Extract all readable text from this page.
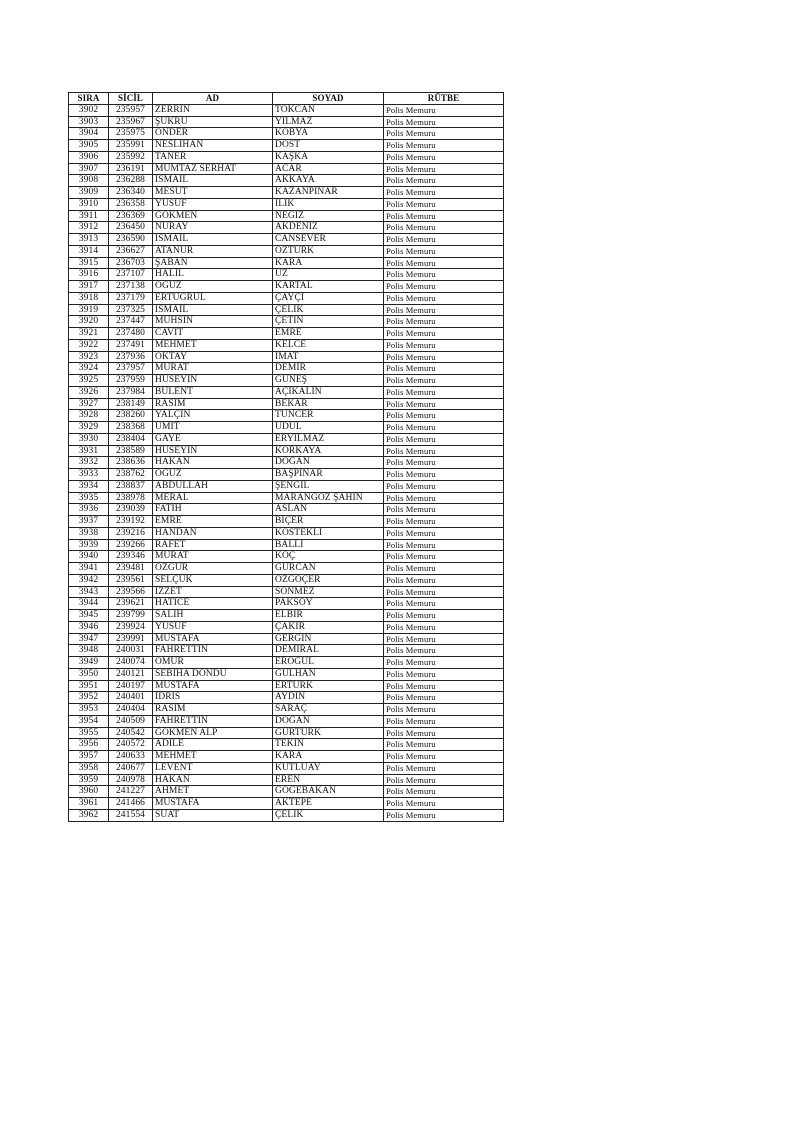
SIRA	SİCİL	AD	SOYAD	RÜTBE
3902	235957	ZERRİN	TOKCAN	Polis Memuru
3903	235967	ŞÜKRÜ	YILMAZ	Polis Memuru
3904	235975	ÖNDER	KOBYA	Polis Memuru
3905	235991	NESLİHAN	DOST	Polis Memuru
3906	235992	TANER	KAŞKA	Polis Memuru
3907	236191	MÜMTAZ SERHAT	ACAR	Polis Memuru
3908	236288	İSMAİL	AKKAYA	Polis Memuru
3909	236340	MESUT	KAZANPINAR	Polis Memuru
3910	236358	YUSUF	İLİK	Polis Memuru
3911	236369	GÖKMEN	NEGİZ	Polis Memuru
3912	236450	NURAY	AKDENİZ	Polis Memuru
3913	236590	İSMAİL	CANSEVER	Polis Memuru
3914	236627	ATANUR	ÖZTÜRK	Polis Memuru
3915	236703	ŞABAN	KARA	Polis Memuru
3916	237107	HALİL	UZ	Polis Memuru
3917	237138	OĞUZ	KARTAL	Polis Memuru
3918	237179	ERTUĞRUL	ÇAYÇI	Polis Memuru
3919	237325	İSMAİL	ÇELİK	Polis Memuru
3920	237447	MUHSİN	ÇETİN	Polis Memuru
3921	237480	CAVİT	EMRE	Polis Memuru
3922	237491	MEHMET	KELCE	Polis Memuru
3923	237936	OKTAY	İMAT	Polis Memuru
3924	237957	MURAT	DEMİR	Polis Memuru
3925	237959	HÜSEYİN	GÜNEŞ	Polis Memuru
3926	237984	BÜLENT	AÇIKALIN	Polis Memuru
3927	238149	RASİM	BEKAR	Polis Memuru
3928	238260	YALÇIN	TUNCER	Polis Memuru
3929	238368	ÜMİT	ÜDÜL	Polis Memuru
3930	238404	GAYE	ERYILMAZ	Polis Memuru
3931	238589	HÜSEYİN	KÖRKAYA	Polis Memuru
3932	238636	HAKAN	DOĞAN	Polis Memuru
3933	238762	OĞUZ	BAŞPINAR	Polis Memuru
3934	238837	ABDULLAH	ŞENGİL	Polis Memuru
3935	238978	MERAL	MARANGOZ ŞAHİN	Polis Memuru
3936	239039	FATİH	ASLAN	Polis Memuru
3937	239192	EMRE	BİÇER	Polis Memuru
3938	239216	HANDAN	KÖSTEKLİ	Polis Memuru
3939	239266	RAFET	BALLI	Polis Memuru
3940	239346	MURAT	KOÇ	Polis Memuru
3941	239481	ÖZGÜR	GÜRCAN	Polis Memuru
3942	239561	SELÇUK	ÖZGÖÇER	Polis Memuru
3943	239566	İZZET	SÖNMEZ	Polis Memuru
3944	239621	HATİCE	PAKSOY	Polis Memuru
3945	239799	SALİH	ELBİR	Polis Memuru
3946	239924	YUSUF	ÇAKIR	Polis Memuru
3947	239991	MUSTAFA	GERGİN	Polis Memuru
3948	240031	FAHRETTİN	DEMİRAL	Polis Memuru
3949	240074	ÖMÜR	EROĞUL	Polis Memuru
3950	240121	SEBİHA DÖNDÜ	GÜLHAN	Polis Memuru
3951	240197	MUSTAFA	ERTÜRK	Polis Memuru
3952	240401	İDRİS	AYDIN	Polis Memuru
3953	240404	RASİM	SARAÇ	Polis Memuru
3954	240509	FAHRETTİN	DOĞAN	Polis Memuru
3955	240542	GÖKMEN ALP	GÜRTÜRK	Polis Memuru
3956	240572	ADİLE	TEKİN	Polis Memuru
3957	240633	MEHMET	KARA	Polis Memuru
3958	240677	LEVENT	KUTLUAY	Polis Memuru
3959	240978	HAKAN	EREN	Polis Memuru
3960	241227	AHMET	GÖĞEBAKAN	Polis Memuru
3961	241466	MUSTAFA	AKTEPE	Polis Memuru
3962	241554	SUAT	ÇELİK	Polis Memuru
